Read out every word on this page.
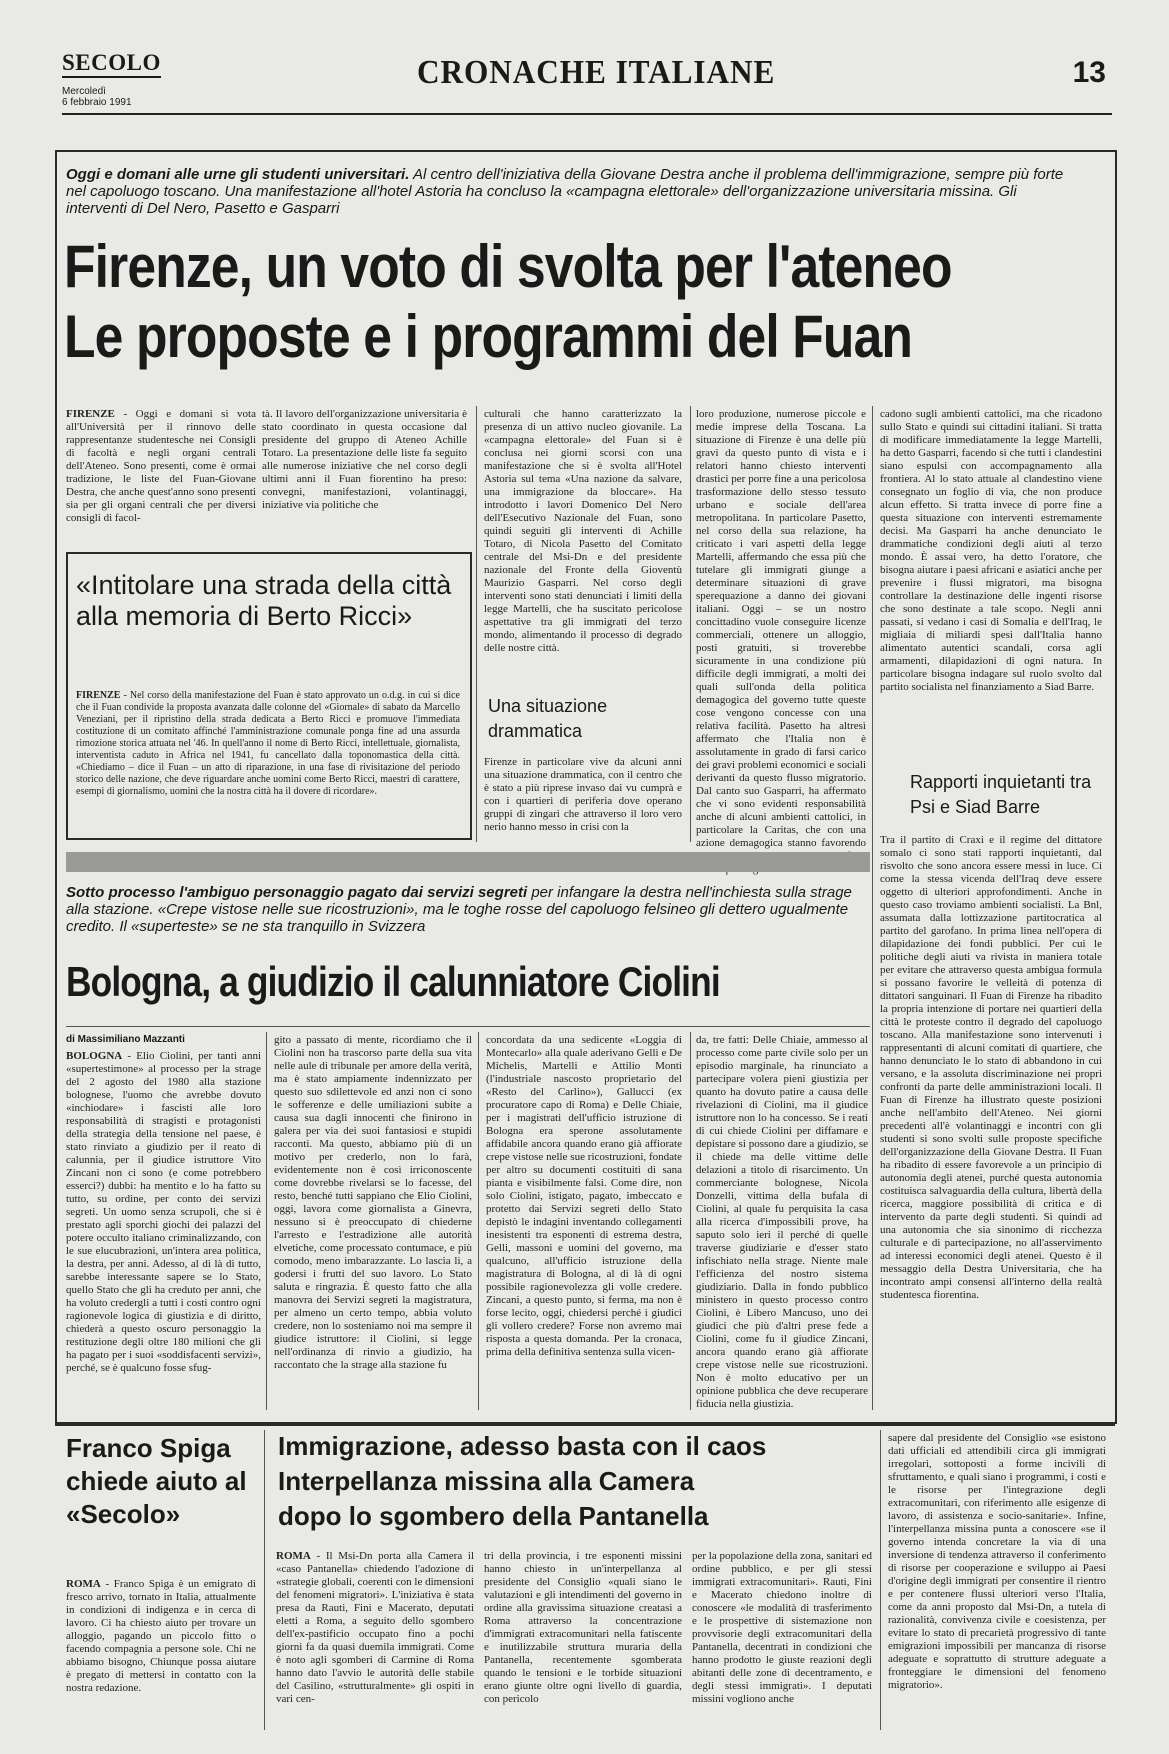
SECOLO
Mercoledì
6 febbraio 1991
CRONACHE ITALIANE	13
Oggi e domani alle urne gli studenti universitari. Al centro dell'iniziativa della Giovane Destra anche il problema dell'immigrazione, sempre più forte nel capoluogo toscano. Una manifestazione all'hotel Astoria ha concluso la «campagna elettorale» dell'organizzazione universitaria missina. Gli interventi di Del Nero, Pasetto e Gasparri
Firenze, un voto di svolta per l'ateneo
Le proposte e i programmi del Fuan
FIRENZE - Oggi e domani si vota all'Università per il rinnovo delle rappresentanze studentesche nei Consigli di facoltà e negli organi centrali dell'Ateneo. Sono presenti, come è ormai tradizione, le liste del Fuan-Giovane Destra, che anche quest'anno sono presenti sia per gli organi centrali che per diversi consigli di facol-
tà. Il lavoro dell'organizzazione universitaria è stato coordinato in questa occasione dal presidente del gruppo di Ateneo Achille Totaro. La presentazione delle liste fa seguito alle numerose iniziative che nel corso degli ultimi anni il Fuan fiorentino ha preso: convegni, manifestazioni, volantinaggi, iniziative via politiche che
culturali che hanno caratterizzato la presenza di un attivo nucleo giovanile. La «campagna elettorale» del Fuan si è conclusa nei giorni scorsi con una manifestazione che si è svolta all'Hotel Astoria sul tema «Una nazione da salvare, una immigrazione da bloccare». Ha introdotto i lavori Domenico Del Nero dell'Esecutivo Nazionale del Fuan, sono quindi seguiti gli interventi di Achille Totaro, di Nicola Pasetto del Comitato centrale del Msi-Dn e del presidente nazionale del Fronte della Gioventù Maurizio Gasparri. Nel corso degli interventi sono stati denunciati i limiti della legge Martelli, che ha suscitato pericolose aspettative tra gli immigrati del terzo mondo, alimentando il processo di degrado delle nostre città.
loro produzione, numerose piccole e medie imprese della Toscana. La situazione di Firenze è una delle più gravi da questo punto di vista e i relatori hanno chiesto interventi drastici per porre fine a una pericolosa trasformazione dello stesso tessuto urbano e sociale dell'area metropolitana. In particolare Pasetto, nel corso della sua relazione, ha criticato i vari aspetti della legge Martelli, affermando che essa più che tutelare gli immigrati giunge a determinare situazioni di grave sperequazione a danno dei giovani italiani. Oggi – se un nostro concittadino vuole conseguire licenze commerciali, ottenere un alloggio, posti gratuiti, si troverebbe sicuramente in una condizione più difficile degli immigrati, a molti dei quali sull'onda della politica demagogica del governo tutte queste cose vengono concesse con una relativa facilità. Pasetto ha altresì affermato che l'Italia non è assolutamente in grado di farsi carico dei gravi problemi economici e sociali derivanti da questo flusso migratorio. Dal canto suo Gasparri, ha affermato che vi sono evidenti responsabilità anche di alcuni ambienti cattolici, in particolare la Caritas, che con una azione demagogica stanno favorendo
cadono sugli ambienti cattolici, ma che ricadono sullo Stato e quindi sui cittadini italiani. Si tratta di modificare immediatamente la legge Martelli, ha detto Gasparri, facendo sì che tutti i clandestini siano espulsi con accompagnamento alla frontiera. Al lo stato attuale al clandestino viene consegnato un foglio di via, che non produce alcun effetto. Si tratta invece di porre fine a questa situazione con interventi estremamente decisi. Ma Gasparri ha anche denunciato le drammatiche condizioni degli aiuti al terzo mondo. È assai vero, ha detto l'oratore, che bisogna aiutare i paesi africani e asiatici anche per prevenire i flussi migratori, ma bisogna controllare la destinazione delle ingenti risorse che sono destinate a tale scopo. Negli anni passati, si vedano i casi di Somalia e dell'Iraq, le migliaia di miliardi spesi dall'Italia hanno alimentato autentici scandali, corsa agli armamenti, dilapidazioni di ogni natura. In particolare bisogna indagare sul ruolo svolto dal partito socialista nel finanziamento a Siad Barre.
Rapporti inquietanti tra Psi e Siad Barre
Tra il partito di Craxi e il regime del dittatore somalo ci sono stati rapporti inquietanti, dal risvolto che sono ancora essere messi in luce. Ci come la stessa vicenda dell'Iraq deve essere oggetto di ulteriori approfondimenti. Anche in questo caso troviamo ambienti socialisti. La Bnl, assumata dalla lottizzazione partitocratica al partito del garofano. In prima linea nell'opera di dilapidazione dei fondi pubblici. Per cui le politiche degli aiuti va rivista in maniera totale per evitare che attraverso questa ambigua formula si possano favorire le velleità di potenza di dittatori sanguinari. Il Fuan di Firenze ha ribadito la propria intenzione di portare nei quartieri della città le proteste contro il degrado del capoluogo toscano. Alla manifestazione sono intervenuti i rappresentanti di alcuni comitati di quartiere, che hanno denunciato le lo stato di abbandono in cui versano, e la assoluta discriminazione nei propri confronti da parte delle amministrazioni locali. Il Fuan di Firenze ha illustrato queste posizioni anche nell'ambito dell'Ateneo. Nei giorni precedenti all'è volantinaggi e incontri con gli studenti si sono svolti sulle proposte specifiche dell'organizzazione della Giovane Destra. Il Fuan ha ribadito di essere favorevole a un principio di autonomia degli atenei, purché questa autonomia costituisca salvaguardia della cultura, libertà della ricerca, maggiore possibilità di critica e di intervento da parte degli studenti. Si quindi ad una autonomia che sia sinonimo di ricchezza culturale e di partecipazione, no all'asservimento ad interessi economici degli atenei. Questo è il messaggio della Destra Universitaria, che ha incontrato ampi consensi all'interno della realtà studentesca fiorentina.
«Intitolare una strada della città alla memoria di Berto Ricci»
FIRENZE - Nel corso della manifestazione del Fuan è stato approvato un o.d.g. in cui si dice che il Fuan condivide la proposta avanzata dalle colonne del «Giornale» di sabato da Marcello Veneziani, per il ripristino della strada dedicata a Berto Ricci e promuove l'immediata costituzione di un comitato affinché l'amministrazione comunale ponga fine ad una assurda rimozione storica attuata nel '46. In quell'anno il nome di Berto Ricci, intellettuale, giornalista, interventista caduto in Africa nel 1941, fu cancellato dalla toponomastica della città. «Chiediamo – dice il Fuan – un atto di riparazione, in una fase di rivisitazione del periodo storico delle nazione, che deve riguardare anche uomini come Berto Ricci, maestri di carattere, esempi di giornalismo, uomini che la nostra città ha il dovere di ricordare».
Una situazione drammatica
Firenze in particolare vive da alcuni anni una situazione drammatica, con il centro che è stato a più riprese invaso dai vu cumprà e con i quartieri di periferia dove operano gruppi di zingari che attraverso il loro vero nerio hanno messo in crisi con la
Sotto processo l'ambiguo personaggio pagato dai servizi segreti per infangare la destra nell'inchiesta sulla strage alla stazione. «Crepe vistose nelle sue ricostruzioni», ma le toghe rosse del capoluogo felsineo gli dettero ugualmente credito. Il «superteste» se ne sta tranquillo in Svizzera
Bologna, a giudizio il calunniatore Ciolini
di Massimiliano Mazzanti
BOLOGNA - Elio Ciolini, per tanti anni «supertestimone» al processo per la strage del 2 agosto del 1980 alla stazione bolognese, l'uomo che avrebbe dovuto «inchiodare» i fascisti alle loro responsabilità di stragisti e protagonisti della strategia della tensione nel paese, è stato rinviato a giudizio per il reato di calunnia, per il giudice istruttore Vito Zincani non ci sono (e come potrebbero esserci?) dubbi: ha mentito e lo ha fatto su tutto, su ordine, per conto dei servizi segreti. Un uomo senza scrupoli, che si è prestato agli sporchi giochi dei palazzi del potere occulto italiano criminalizzando, con le sue elucubrazioni, un'intera area politica, la destra, per anni. Adesso, al di là di tutto, sarebbe interessante sapere se lo Stato, quello Stato che gli ha creduto per anni, che ha voluto credergli a tutti i costi contro ogni ragionevole logica di giustizia e di diritto, chiederà a questo oscuro personaggio la restituzione degli oltre 180 milioni che gli ha pagato per i suoi «soddisfacenti servizi», perché, se è qualcuno fosse sfug-
gito a passato di mente, ricordiamo che il Ciolini non ha trascorso parte della sua vita nelle aule di tribunale per amore della verità, ma è stato ampiamente indennizzato per questo suo sdilettevole ed anzi non ci sono le sofferenze e delle umiliazioni subite a causa sua dagli innocenti che finirono in galera per via dei suoi fantasiosi e stupidi racconti. Ma questo, abbiamo più di un motivo per crederlo, non lo farà, evidentemente non è così irriconoscente come dovrebbe rivelarsi se lo facesse, del resto, benché tutti sappiano che Elio Ciolini, oggi, lavora come giornalista a Ginevra, nessuno si è preoccupato di chiederne l'arresto e l'estradizione alle autorità elvetiche, come processato contumace, e più comodo, meno imbarazzante. Lo lascia lì, a godersi i frutti del suo lavoro. Lo Stato saluta e ringrazia. È questo fatto che alla manovra dei Servizi segreti la magistratura, per almeno un certo tempo, abbia voluto credere, non lo sosteniamo noi ma sempre il giudice istruttore: il Ciolini, si legge nell'ordinanza di rinvio a giudizio, ha raccontato che la strage alla stazione fu
concordata da una sedicente «Loggia di Montecarlo» alla quale aderivano Gelli e De Michelis, Martelli e Attilio Monti (l'industriale nascosto proprietario del «Resto del Carlino»), Gallucci (ex procuratore capo di Roma) e Delle Chiaie, per i magistrati dell'ufficio istruzione di Bologna era sperone assolutamente affidabile ancora quando erano già affiorate crepe vistose nelle sue ricostruzioni, fondate per altro su documenti costituiti di sana pianta e visibilmente falsi. Come dire, non solo Ciolini, istigato, pagato, imbeccato e protetto dai Servizi segreti dello Stato depistò le indagini inventando collegamenti inesistenti tra esponenti di estrema destra, Gelli, massoni e uomini del governo, ma qualcuno, all'ufficio istruzione della magistratura di Bologna, al di là di ogni possibile ragionevolezza gli volle credere. Zincani, a questo punto, si ferma, ma non è forse lecito, oggi, chiedersi perché i giudici gli vollero credere? Forse non avremo mai risposta a questa domanda. Per la cronaca, prima della definitiva sentenza sulla vicen-
da, tre fatti: Delle Chiaie, ammesso al processo come parte civile solo per un episodio marginale, ha rinunciato a partecipare volera pieni giustizia per quanto ha dovuto patire a causa delle rivelazioni di Ciolini, ma il giudice istruttore non lo ha concesso. Se i reati di cui chiede Ciolini per diffamare e depistare si possono dare a giudizio, se il chiede ma delle vittime delle delazioni a titolo di risarcimento. Un commerciante bolognese, Nicola Donzelli, vittima della bufala di Ciolini, al quale fu perquisita la casa alla ricerca d'impossibili prove, ha saputo solo ieri il perché di quelle traverse giudiziarie e d'esser stato infischiato nella strage. Niente male l'efficienza del nostro sistema giudiziario. Dalla in fondo pubblico ministero in questo processo contro Ciolini, è Libero Mancuso, uno dei giudici che più d'altri prese fede a Ciolini, come fu il giudice Zincani, ancora quando erano già affiorate crepe vistose nelle sue ricostruzioni. Non è molto educativo per un opinione pubblica che deve recuperare fiducia nella giustizia.
Franco Spiga chiede aiuto al «Secolo»
ROMA - Franco Spiga è un emigrato di fresco arrivo, tornato in Italia, attualmente in condizioni di indigenza e in cerca di lavoro. Ci ha chiesto aiuto per trovare un alloggio, pagando un piccolo fitto o facendo compagnia a persone sole. Chi ne abbiamo bisogno, Chiunque possa aiutare è pregato di mettersi in contatto con la nostra redazione.
Immigrazione, adesso basta con il caos
Interpellanza missina alla Camera
dopo lo sgombero della Pantanella
ROMA - Il Msi-Dn porta alla Camera il «caso Pantanella» chiedendo l'adozione di «strategie globali, coerenti con le dimensioni del fenomeni migratori». L'iniziativa è stata presa da Rauti, Fini e Macerato, deputati eletti a Roma, a seguito dello sgombero dell'ex-pastificio occupato fino a pochi giorni fa da quasi duemila immigrati. Come è noto agli sgomberi di Carmine di Roma hanno dato l'avvio le autorità delle stabile del Casilino, «strutturalmente» gli ospiti in vari cen-
tri della provincia, i tre esponenti missini hanno chiesto in un'interpellanza al presidente del Consiglio «quali siano le valutazioni e gli intendimenti del governo in ordine alla gravissima situazione creatasi a Roma attraverso la concentrazione d'immigrati extracomunitari nella fatiscente e inutilizzabile struttura muraria della Pantanella, recentemente sgomberata quando le tensioni e le torbide situazioni erano giunte oltre ogni livello di guardia, con pericolo
per la popolazione della zona, sanitari ed ordine pubblico, e per gli stessi immigrati extracomunitari». Rauti, Fini e Macerato chiedono inoltre di conoscere «le modalità di trasferimento e le prospettive di sistemazione non provvisorie degli extracomunitari della Pantanella, decentrati in condizioni che hanno prodotto le giuste reazioni degli abitanti delle zone di decentramento, e degli stessi immigrati». I deputati missini vogliono anche
sapere dal presidente del Consiglio «se esistono dati ufficiali ed attendibili circa gli immigrati irregolari, sottoposti a forme incivili di sfruttamento, e quali siano i programmi, i costi e le risorse per l'integrazione degli extracomunitari, con riferimento alle esigenze di lavoro, di assistenza e socio-sanitarie». Infine, l'interpellanza missina punta a conoscere «se il governo intenda concretare la via di una inversione di tendenza attraverso il conferimento di risorse per cooperazione e sviluppo ai Paesi d'origine degli immigrati per consentire il rientro e per contenere flussi ulteriori verso l'Italia, come da anni proposto dal Msi-Dn, a tutela di razionalità, convivenza civile e coesistenza, per evitare lo stato di precarietà progressivo di tante emigrazioni impossibili per mancanza di risorse adeguate e soprattutto di strutture adeguate a fronteggiare le dimensioni del fenomeno migratorio».
